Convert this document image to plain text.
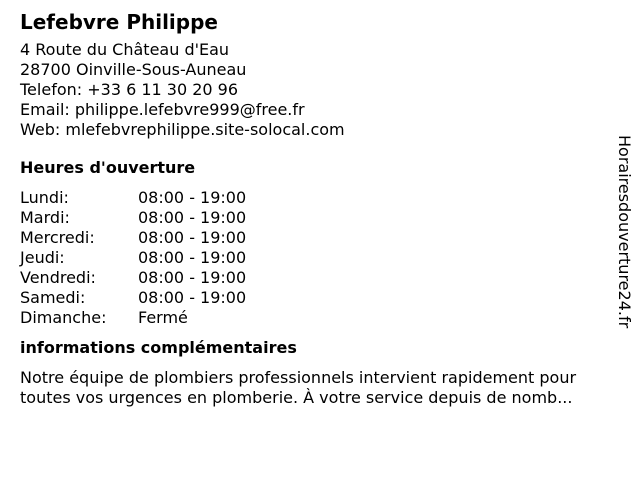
Lefebvre Philippe
4 Route du Château d'Eau
28700 Oinville-Sous-Auneau
Telefon: +33 6 11 30 20 96
Email: philippe.lefebvre999@free.fr
Web: mlefebvrephilippe.site-solocal.com
Heures d'ouverture
Lundi:	08:00 - 19:00
Mardi:	08:00 - 19:00
Mercredi:	08:00 - 19:00
Jeudi:	08:00 - 19:00
Vendredi:	08:00 - 19:00
Samedi:	08:00 - 19:00
Dimanche:	Fermé
informations complémentaires

Notre équipe de plombiers professionnels intervient rapidement pour toutes vos urgences en plomberie. À votre service depuis de nomb...

Horairesdouverture24.fr
